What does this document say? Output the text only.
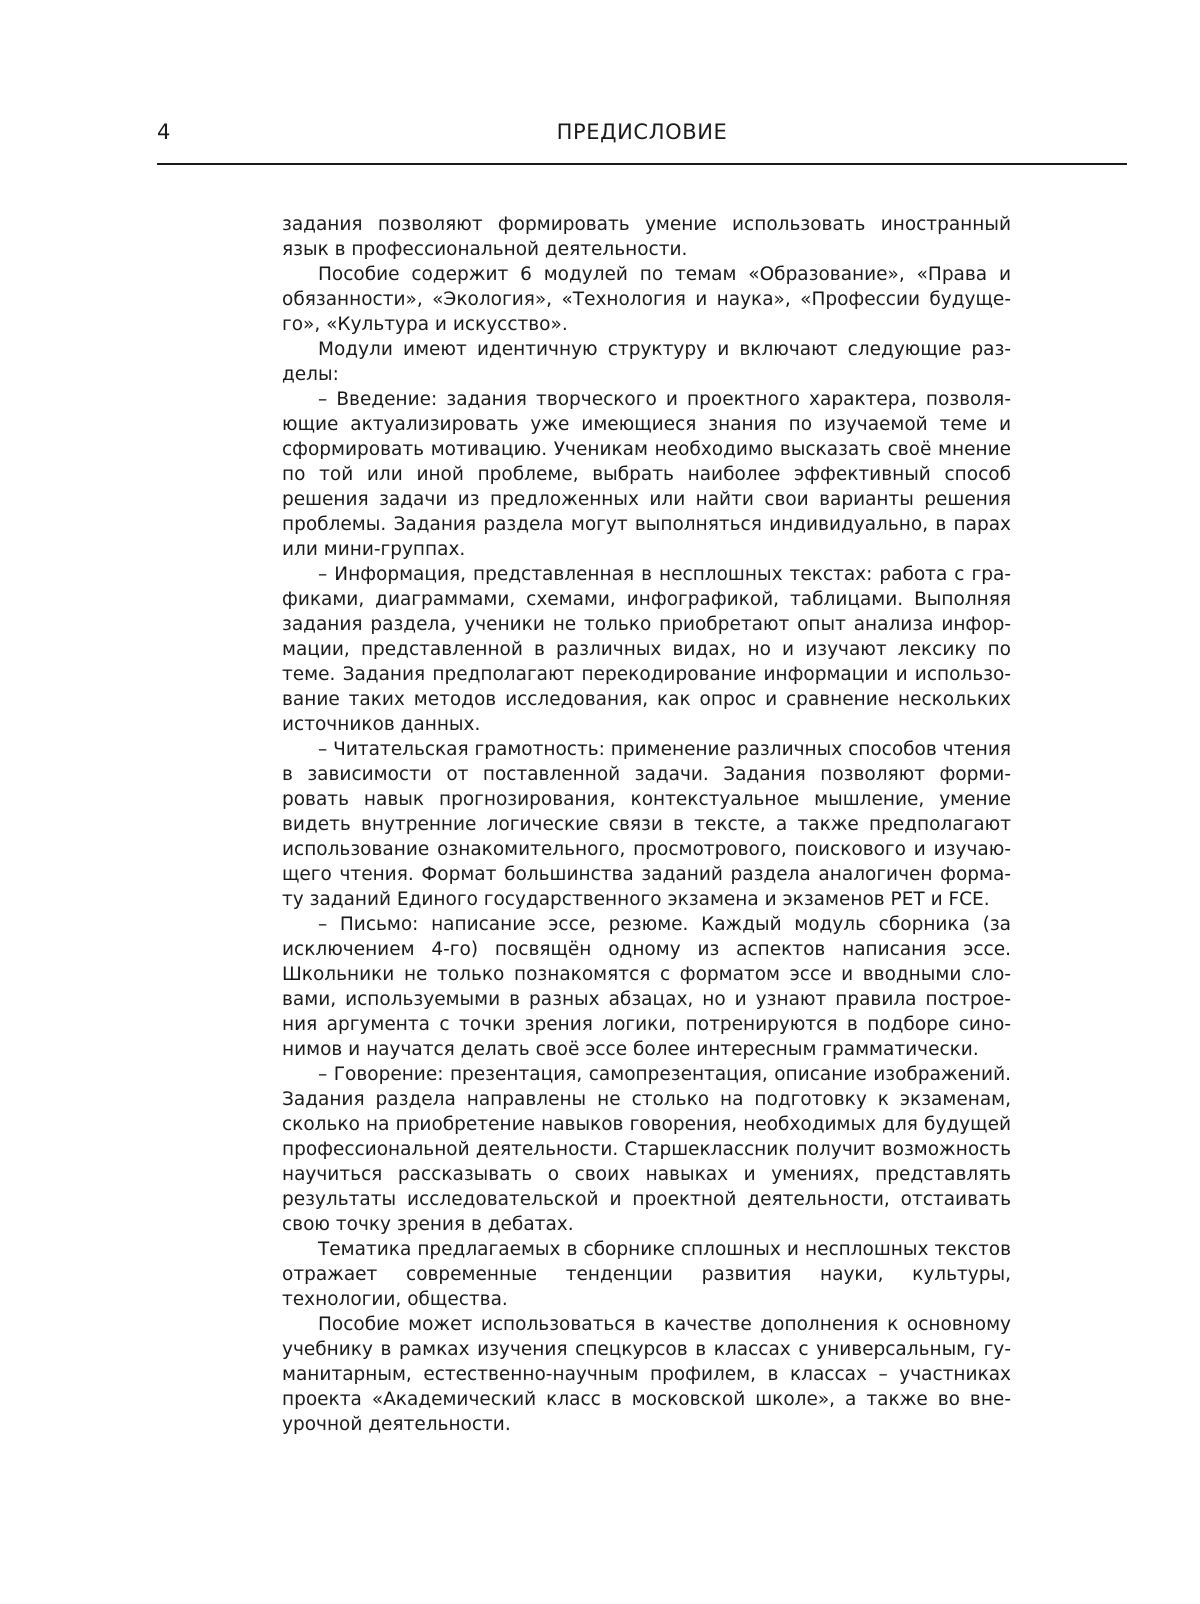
4	ПРЕДИСЛОВИЕ

задания позволяют формировать умение использовать иностранный язык в профессиональной деятельности.

Пособие содержит 6 модулей по темам «Образование», «Права и обязанности», «Экология», «Технология и наука», «Профессии будущего», «Культура и искусство».

Модули имеют идентичную структуру и включают следующие разделы:

– Введение: задания творческого и проектного характера, позволяющие актуализировать уже имеющиеся знания по изучаемой теме и сформировать мотивацию. Ученикам необходимо высказать своё мнение по той или иной проблеме, выбрать наиболее эффективный способ решения задачи из предложенных или найти свои варианты решения проблемы. Задания раздела могут выполняться индивидуально, в парах или мини-группах.

– Информация, представленная в несплошных текстах: работа с графиками, диаграммами, схемами, инфографикой, таблицами. Выполняя задания раздела, ученики не только приобретают опыт анализа информации, представленной в различных видах, но и изучают лексику по теме. Задания предполагают перекодирование информации и использование таких методов исследования, как опрос и сравнение нескольких источников данных.

– Читательская грамотность: применение различных способов чтения в зависимости от поставленной задачи. Задания позволяют формировать навык прогнозирования, контекстуальное мышление, умение видеть внутренние логические связи в тексте, а также предполагают использование ознакомительного, просмотрового, поискового и изучающего чтения. Формат большинства заданий раздела аналогичен формату заданий Единого государственного экзамена и экзаменов PET и FCE.

– Письмо: написание эссе, резюме. Каждый модуль сборника (за исключением 4-го) посвящён одному из аспектов написания эссе. Школьники не только познакомятся с форматом эссе и вводными словами, используемыми в разных абзацах, но и узнают правила построения аргумента с точки зрения логики, потренируются в подборе синонимов и научатся делать своё эссе более интересным грамматически.

– Говорение: презентация, самопрезентация, описание изображений. Задания раздела направлены не столько на подготовку к экзаменам, сколько на приобретение навыков говорения, необходимых для будущей профессиональной деятельности. Старшеклассник получит возможность научиться рассказывать о своих навыках и умениях, представлять результаты исследовательской и проектной деятельности, отстаивать свою точку зрения в дебатах.

Тематика предлагаемых в сборнике сплошных и несплошных текстов отражает современные тенденции развития науки, культуры, технологии, общества.

Пособие может использоваться в качестве дополнения к основному учебнику в рамках изучения спецкурсов в классах с универсальным, гуманитарным, естественно-научным профилем, в классах – участниках проекта «Академический класс в московской школе», а также во внеурочной деятельности.
